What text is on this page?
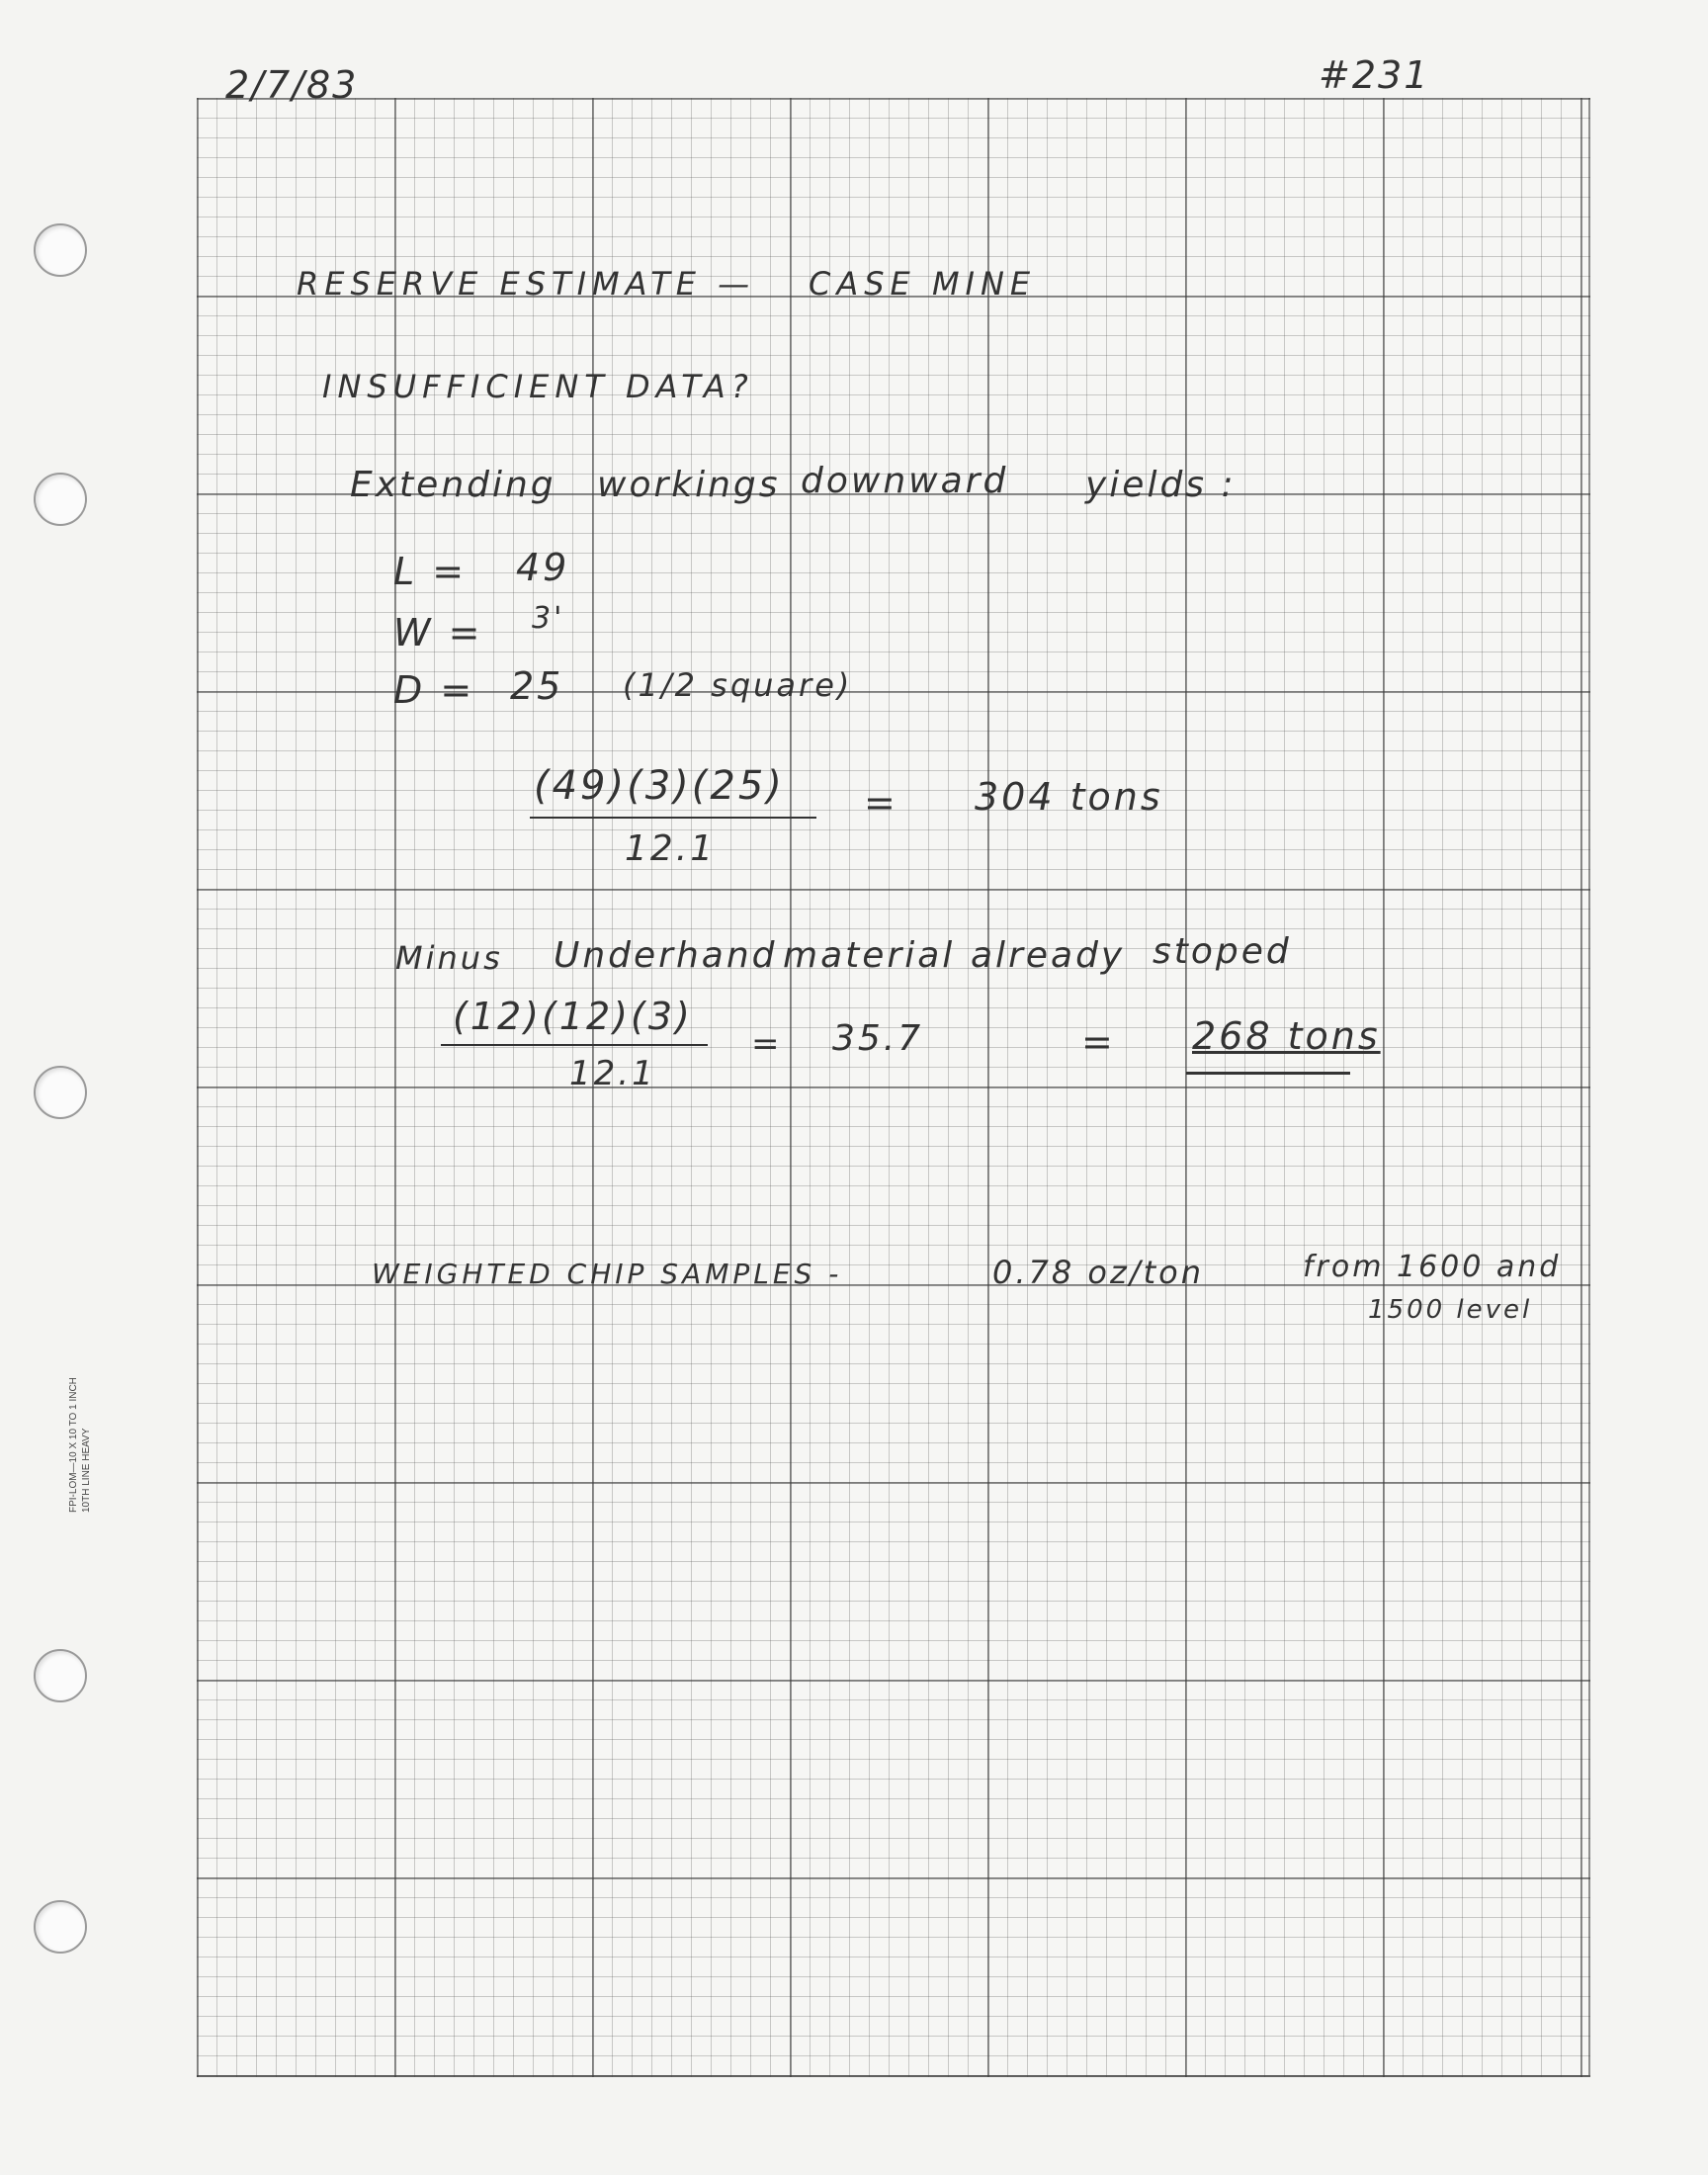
FPI-LOM—10 X 10 TO 1 INCH 10TH LINE HEAVY
2/7/83	#231
RESERVE ESTIMATE — CASE MINE
INSUFFICIENT DATA?
Extending workings downward yields :
L = 49
W = 3'
D = 25 (1/2 square)
(49)(3)(25)
12.1
= 304 tons
Minus Underhand material already stoped
(12)(12)(3)
12.1
= 35.7	= 268 tons
WEIGHTED CHIP SAMPLES -	0.78 oz/ton	from 1600 and
1500 level
